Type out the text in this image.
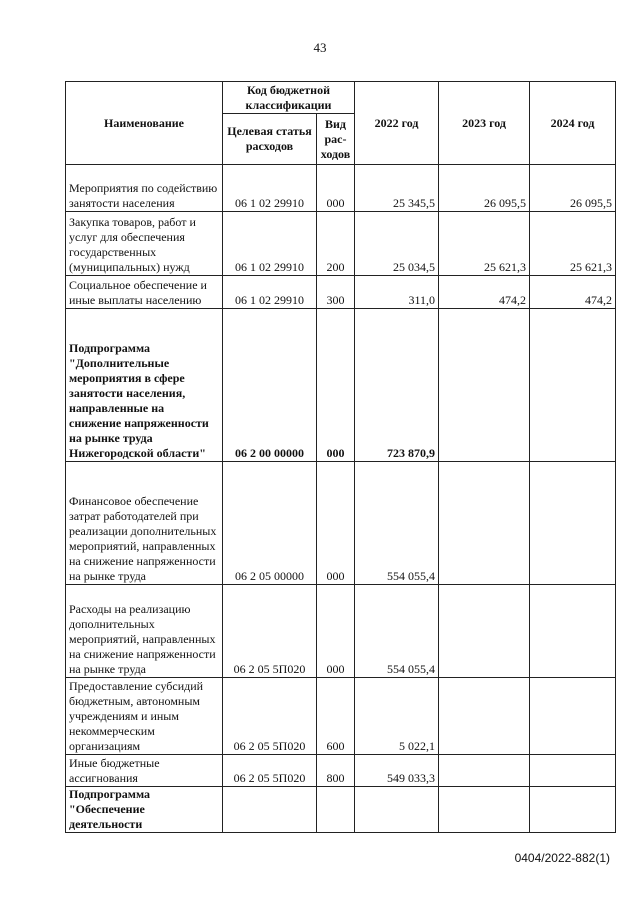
43
Наименование	Код бюджетной классификации		2022 год	2023 год	2024 год
	Целевая статья расходов	Вид рас-ходов			
Мероприятия по содействию занятости населения	06 1 02 29910	000	25 345,5	26 095,5	26 095,5
Закупка товаров, работ и услуг для обеспечения государственных (муниципальных) нужд	06 1 02 29910	200	25 034,5	25 621,3	25 621,3
Социальное обеспечение и иные выплаты населению	06 1 02 29910	300	311,0	474,2	474,2
Подпрограмма "Дополнительные мероприятия в сфере занятости населения, направленные на снижение напряженности на рынке труда Нижегородской области"	06 2 00 00000	000	723 870,9		
Финансовое обеспечение затрат работодателей при реализации дополнительных мероприятий, направленных на снижение напряженности на рынке труда	06 2 05 00000	000	554 055,4		
Расходы на реализацию дополнительных мероприятий, направленных на снижение напряженности на рынке труда	06 2 05 5П020	000	554 055,4		
Предоставление субсидий бюджетным, автономным учреждениям и иным некоммерческим организациям	06 2 05 5П020	600	5 022,1		
Иные бюджетные ассигнования	06 2 05 5П020	800	549 033,3		
Подпрограмма "Обеспечение деятельности					
0404/2022-882(1)
